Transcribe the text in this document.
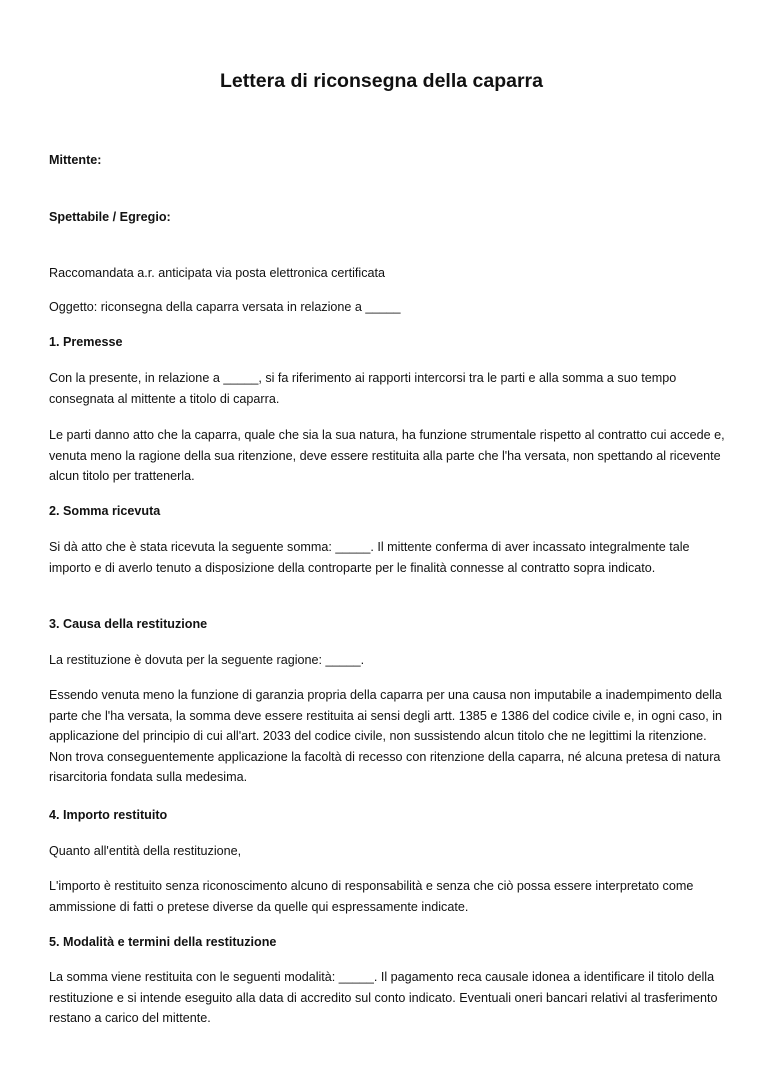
Lettera di riconsegna della caparra

Mittente:

Spettabile / Egregio:

Raccomandata a.r. anticipata via posta elettronica certificata

Oggetto: riconsegna della caparra versata in relazione a _____

1. Premesse

Con la presente, in relazione a _____, si fa riferimento ai rapporti intercorsi tra le parti e alla somma a suo tempo consegnata al mittente a titolo di caparra.

Le parti danno atto che la caparra, quale che sia la sua natura, ha funzione strumentale rispetto al contratto cui accede e, venuta meno la ragione della sua ritenzione, deve essere restituita alla parte che l'ha versata, non spettando al ricevente alcun titolo per trattenerla.

2. Somma ricevuta

Si dà atto che è stata ricevuta la seguente somma: _____. Il mittente conferma di aver incassato integralmente tale importo e di averlo tenuto a disposizione della controparte per le finalità connesse al contratto sopra indicato.

3. Causa della restituzione

La restituzione è dovuta per la seguente ragione: _____.

Essendo venuta meno la funzione di garanzia propria della caparra per una causa non imputabile a inadempimento della parte che l'ha versata, la somma deve essere restituita ai sensi degli artt. 1385 e 1386 del codice civile e, in ogni caso, in applicazione del principio di cui all'art. 2033 del codice civile, non sussistendo alcun titolo che ne legittimi la ritenzione. Non trova conseguentemente applicazione la facoltà di recesso con ritenzione della caparra, né alcuna pretesa di natura risarcitoria fondata sulla medesima.

4. Importo restituito

Quanto all'entità della restituzione,

L'importo è restituito senza riconoscimento alcuno di responsabilità e senza che ciò possa essere interpretato come ammissione di fatti o pretese diverse da quelle qui espressamente indicate.

5. Modalità e termini della restituzione

La somma viene restituita con le seguenti modalità: _____. Il pagamento reca causale idonea a identificare il titolo della restituzione e si intende eseguito alla data di accredito sul conto indicato. Eventuali oneri bancari relativi al trasferimento restano a carico del mittente.
